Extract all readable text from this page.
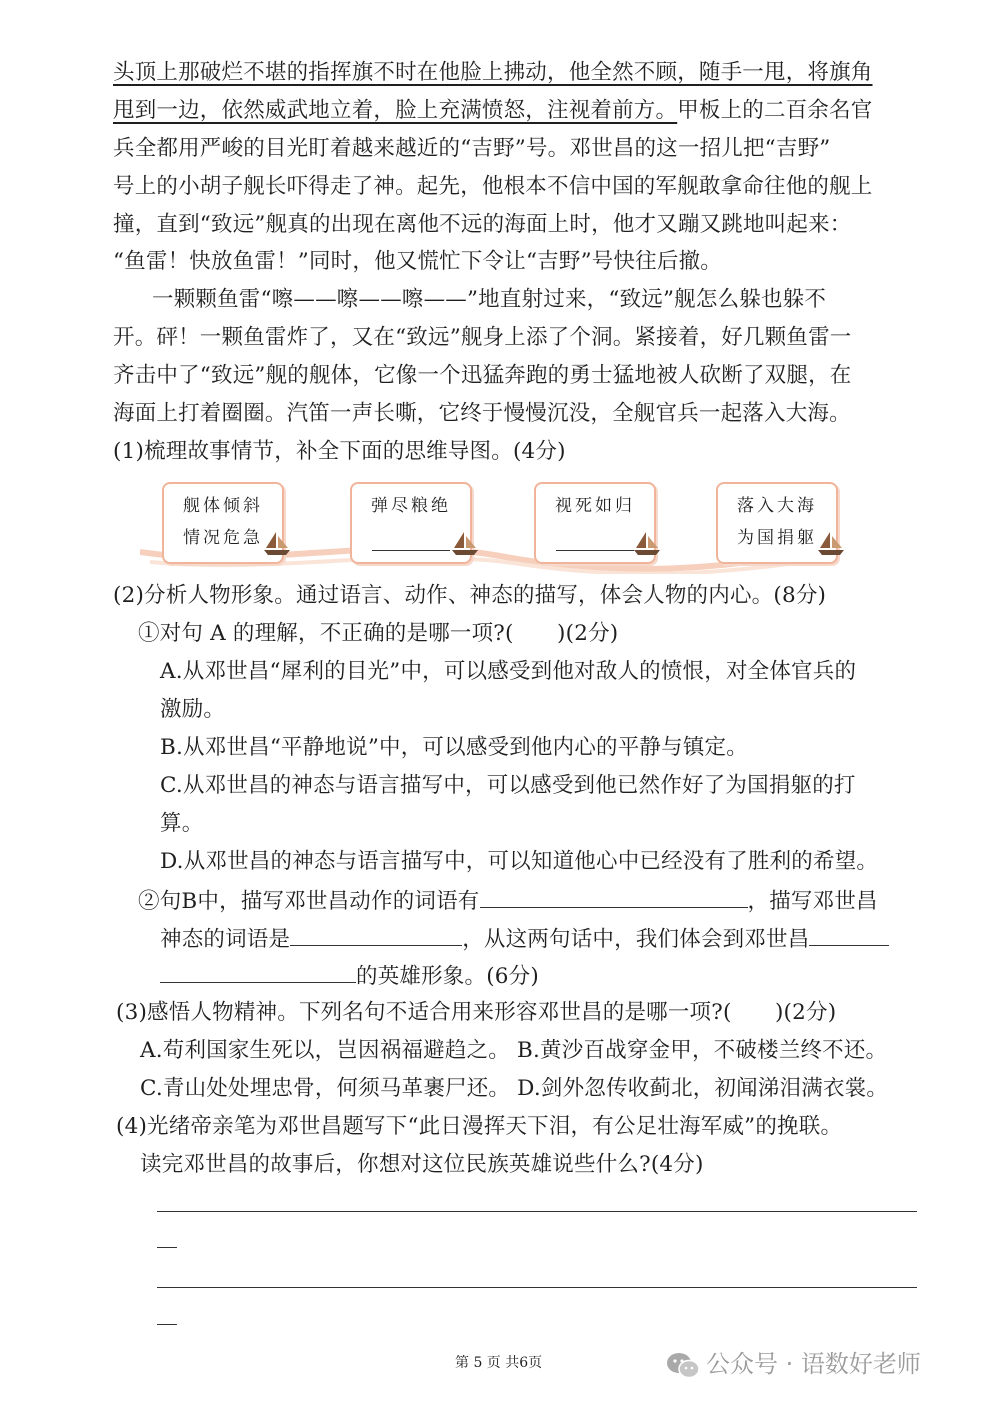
头顶上那破烂不堪的指挥旗不时在他脸上拂动，他全然不顾，随手一甩，将旗角
甩到一边，依然威武地立着，脸上充满愤怒，注视着前方。甲板上的二百余名官
兵全都用严峻的目光盯着越来越近的“吉野”号。邓世昌的这一招儿把“吉野”
号上的小胡子舰长吓得走了神。起先，他根本不信中国的军舰敢拿命往他的舰上
撞，直到“致远”舰真的出现在离他不远的海面上时，他才又蹦又跳地叫起来：
“鱼雷！快放鱼雷！”同时，他又慌忙下令让“吉野”号快往后撤。
一颗颗鱼雷“嚓——嚓——嚓——”地直射过来，“致远”舰怎么躲也躲不
开。砰！一颗鱼雷炸了，又在“致远”舰身上添了个洞。紧接着，好几颗鱼雷一
齐击中了“致远”舰的舰体，它像一个迅猛奔跑的勇士猛地被人砍断了双腿，在
海面上打着圈圈。汽笛一声长嘶，它终于慢慢沉没，全舰官兵一起落入大海。
(1)梳理故事情节，补全下面的思维导图。(4分)
舰体倾斜
情况危急
弹尽粮绝	视死如归	落入大海
为国捐躯
(2)分析人物形象。通过语言、动作、神态的描写，体会人物的内心。(8分)
①对句 A 的理解，不正确的是哪一项?(　　)(2分)
A.从邓世昌“犀利的目光”中，可以感受到他对敌人的愤恨，对全体官兵的
激励。
B.从邓世昌“平静地说”中，可以感受到他内心的平静与镇定。
C.从邓世昌的神态与语言描写中，可以感受到他已然作好了为国捐躯的打
算。
D.从邓世昌的神态与语言描写中，可以知道他心中已经没有了胜利的希望。
②句B中，描写邓世昌动作的词语有	，描写邓世昌
神态的词语是	，从这两句话中，我们体会到邓世昌
的英雄形象。(6分)
(3)感悟人物精神。下列名句不适合用来形容邓世昌的是哪一项?(　　)(2分)
A.苟利国家生死以，岂因祸福避趋之。 B.黄沙百战穿金甲，不破楼兰终不还。
C.青山处处埋忠骨，何须马革裹尸还。 D.剑外忽传收蓟北，初闻涕泪满衣裳。
(4)光绪帝亲笔为邓世昌题写下“此日漫挥天下泪，有公足壮海军威”的挽联。
读完邓世昌的故事后，你想对这位民族英雄说些什么?(4分)
第 5 页 共6页	公众号 · 语数好老师
